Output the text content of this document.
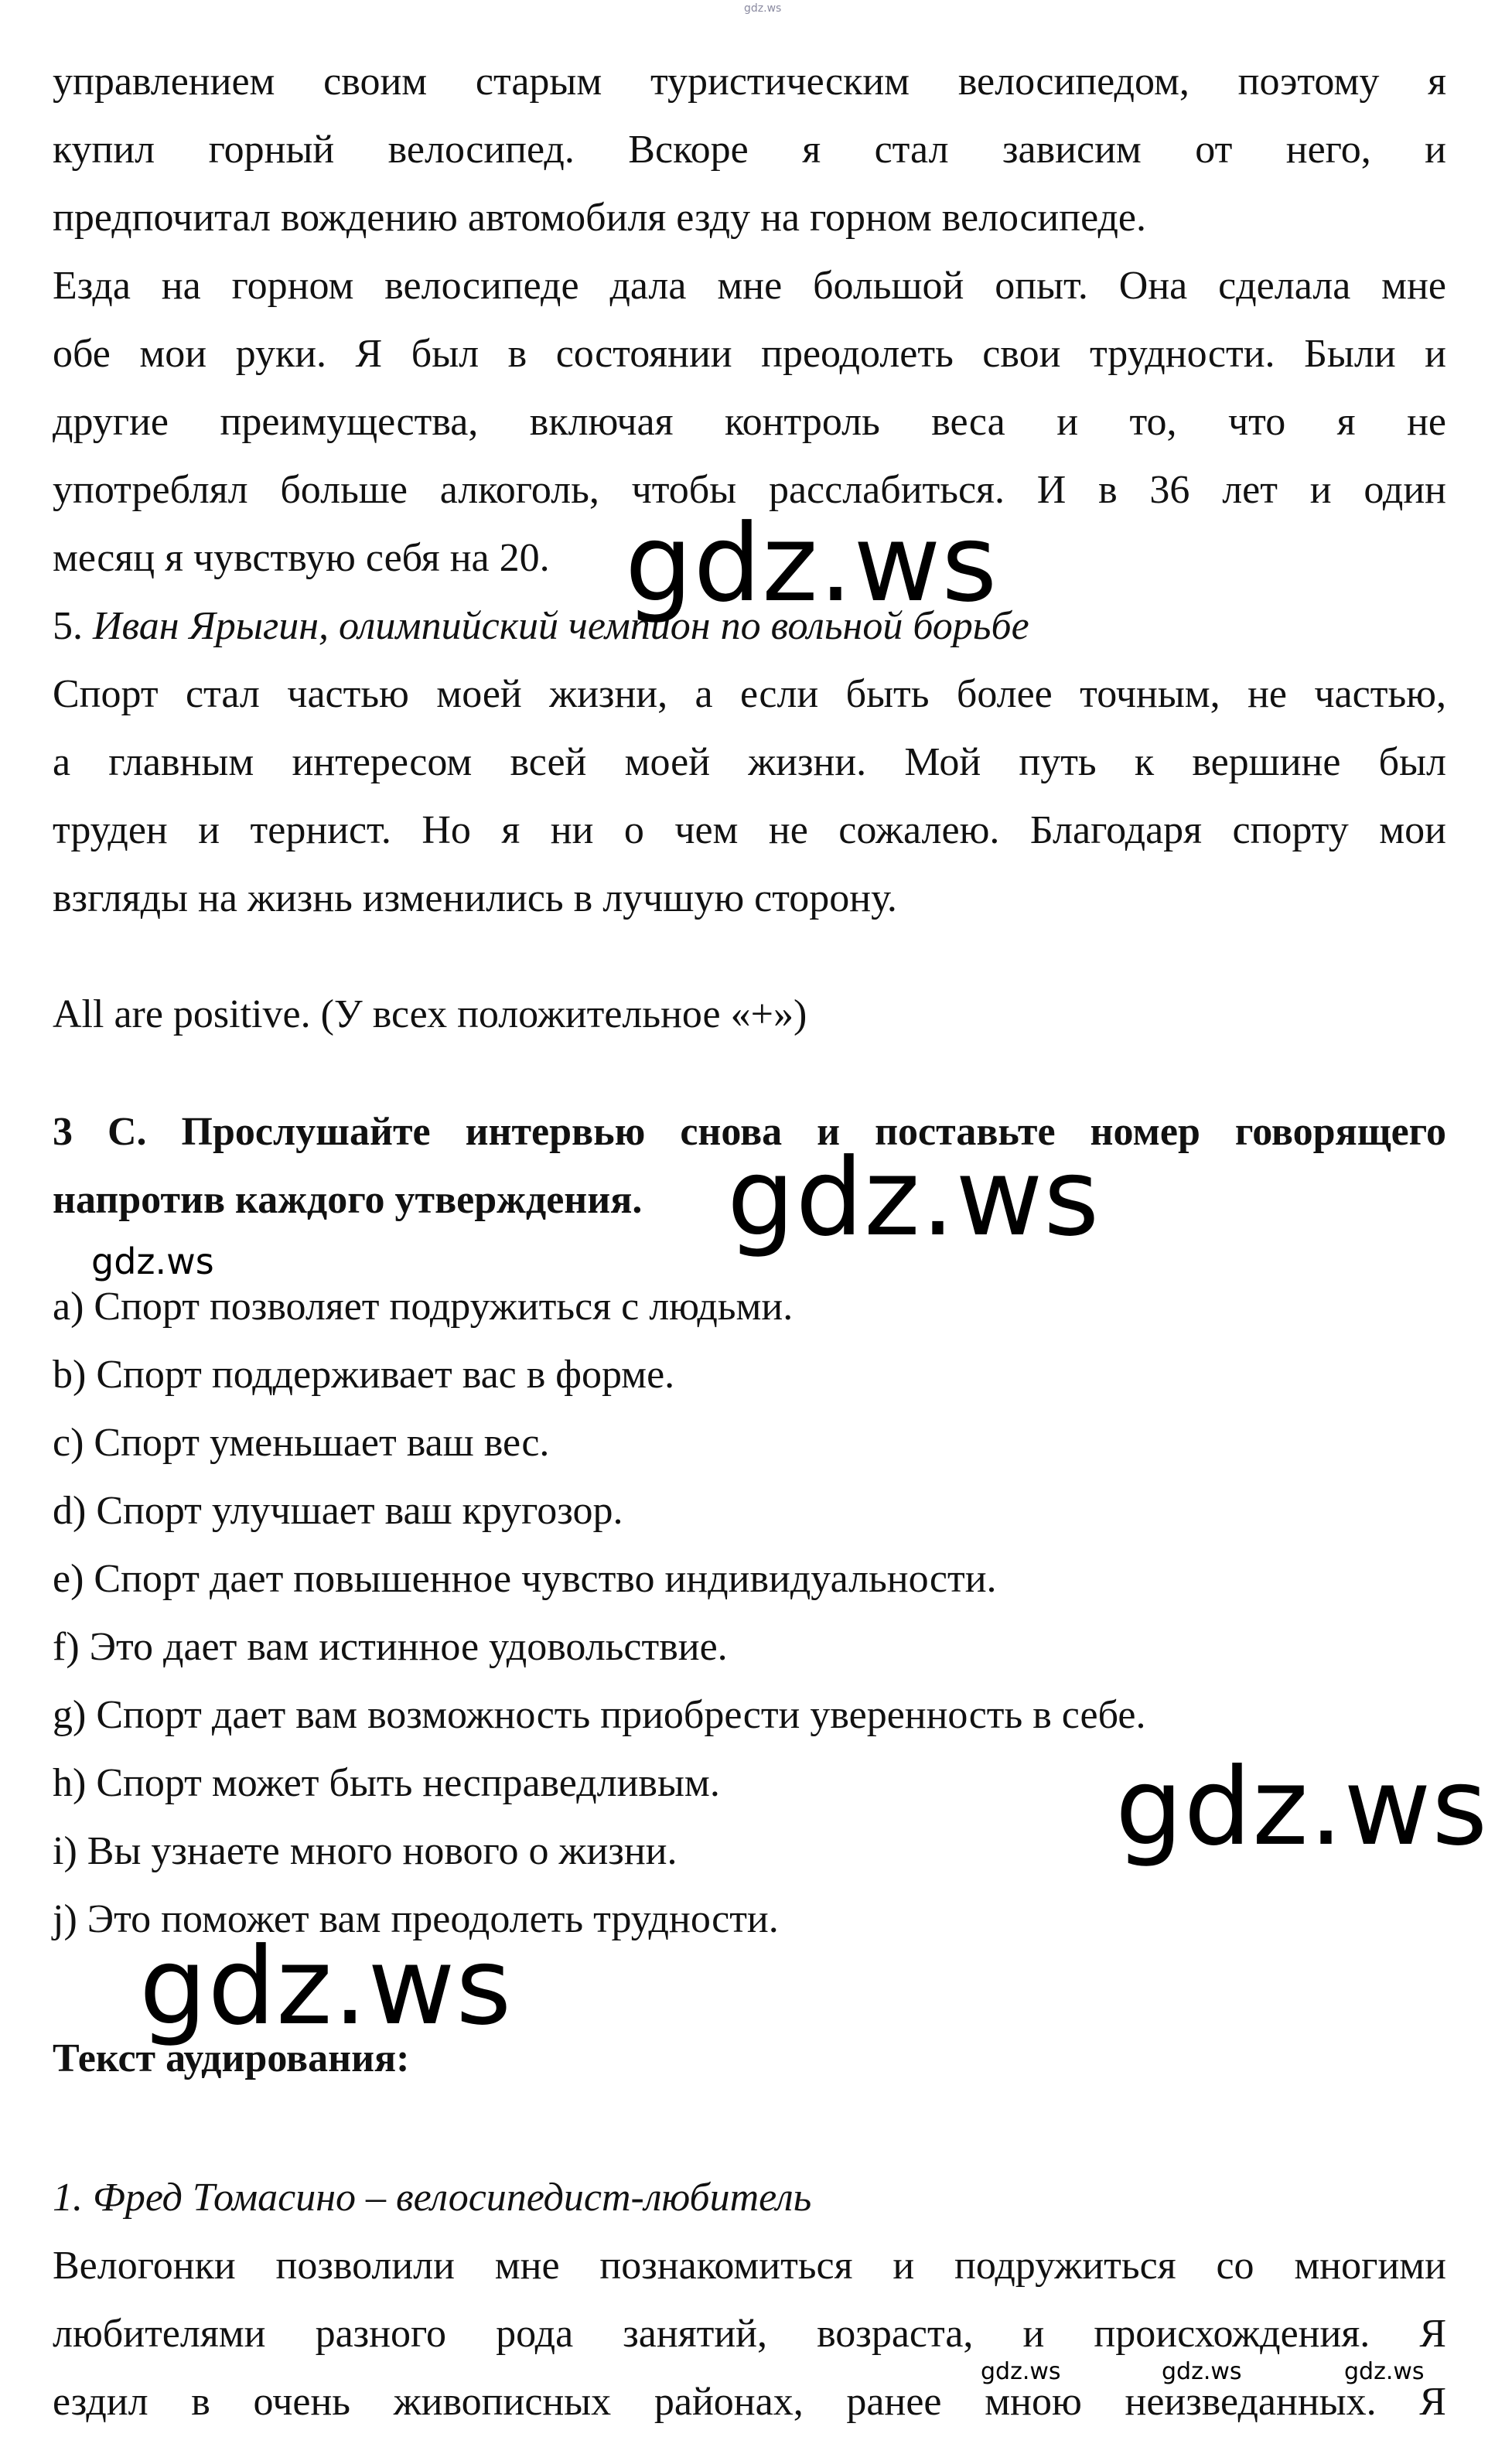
gdz.ws
управлением своим старым туристическим велосипедом, поэтому я
купил горный велосипед. Вскоре я стал зависим от него, и
предпочитал вождению автомобиля езду на горном велосипеде.
Езда на горном велосипеде дала мне большой опыт. Она сделала мне
обе мои руки. Я был в состоянии преодолеть свои трудности. Были и
другие преимущества, включая контроль веса и то, что я не
употреблял больше алкоголь, чтобы расслабиться. И в 36 лет и один
месяц я чувствую себя на 20.
5. Иван Ярыгин, олимпийский чемпион по вольной борьбе
Спорт стал частью моей жизни, а если быть более точным, не частью,
а главным интересом всей моей жизни. Мой путь к вершине был
труден и тернист. Но я ни о чем не сожалею. Благодаря спорту мои
взгляды на жизнь изменились в лучшую сторону.
All are positive. (У всех положительное «+»)
3 C. Прослушайте интервью снова и поставьте номер говорящего
напротив каждого утверждения.
a) Спорт позволяет подружиться с людьми.
b) Спорт поддерживает вас в форме.
c) Спорт уменьшает ваш вес.
d) Спорт улучшает ваш кругозор.
e) Спорт дает повышенное чувство индивидуальности.
f) Это дает вам истинное удовольствие.
g) Спорт дает вам возможность приобрести уверенность в себе.
h) Спорт может быть несправедливым.
i) Вы узнаете много нового о жизни.
j) Это поможет вам преодолеть трудности.
Текст аудирования:
1. Фред Томасино – велосипедист-любитель
Велогонки позволили мне познакомиться и подружиться со многими
любителями разного рода занятий, возраста, и происхождения. Я
ездил в очень живописных районах, ранее мною неизведанных. Я
gdz.ws
gdz.ws
gdz.ws
gdz.ws
gdz.ws
gdz.ws	gdz.ws	gdz.ws
